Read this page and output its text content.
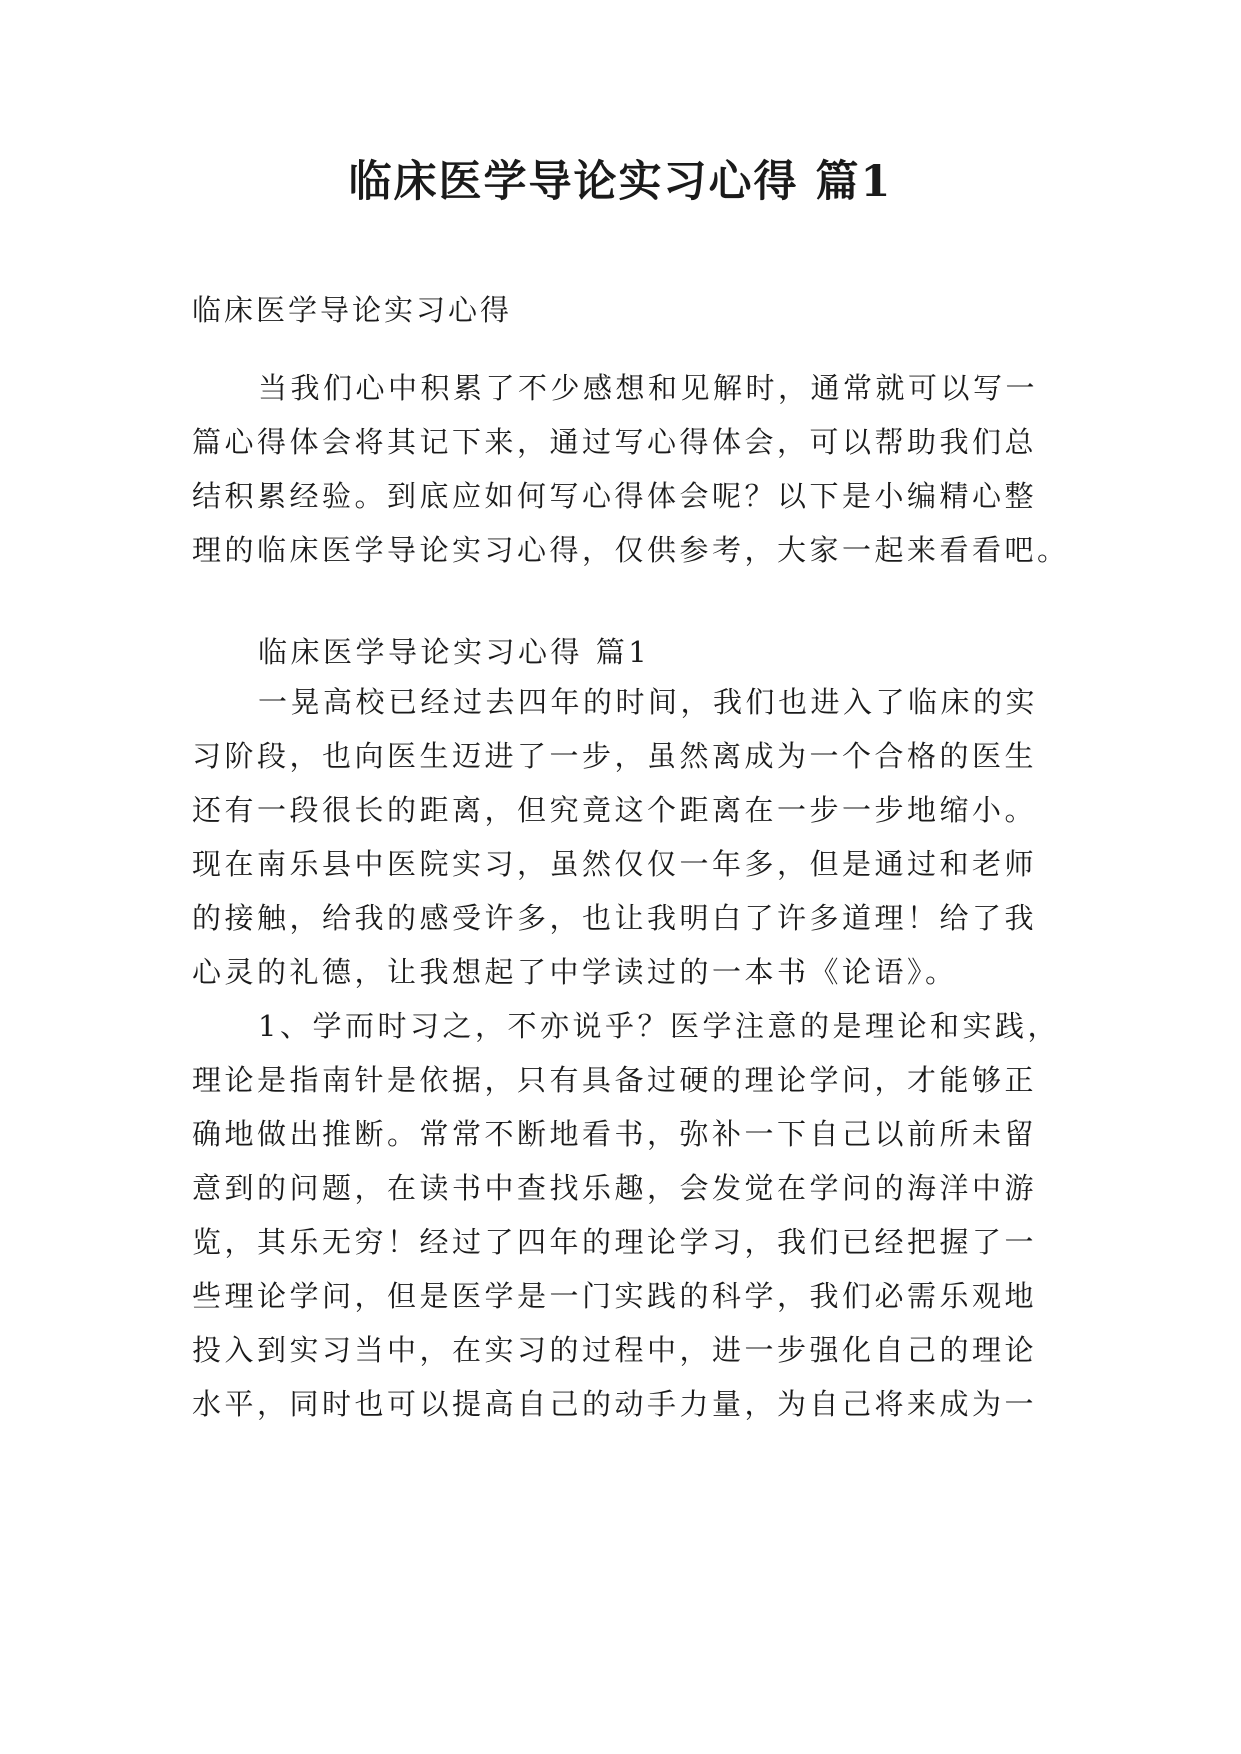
临床医学导论实习心得 篇1

临床医学导论实习心得

当我们心中积累了不少感想和见解时，通常就可以写一

篇心得体会将其记下来，通过写心得体会，可以帮助我们总

结积累经验。到底应如何写心得体会呢？以下是小编精心整

理的临床医学导论实习心得，仅供参考，大家一起来看看吧。

临床医学导论实习心得 篇1

一晃高校已经过去四年的时间，我们也进入了临床的实

习阶段，也向医生迈进了一步，虽然离成为一个合格的医生

还有一段很长的距离，但究竟这个距离在一步一步地缩小。

现在南乐县中医院实习，虽然仅仅一年多，但是通过和老师

的接触，给我的感受许多，也让我明白了许多道理！给了我

心灵的礼德，让我想起了中学读过的一本书《论语》。

1、学而时习之，不亦说乎？医学注意的是理论和实践，

理论是指南针是依据，只有具备过硬的理论学问，才能够正

确地做出推断。常常不断地看书，弥补一下自己以前所未留

意到的问题，在读书中查找乐趣，会发觉在学问的海洋中游

览，其乐无穷！经过了四年的理论学习，我们已经把握了一

些理论学问，但是医学是一门实践的科学，我们必需乐观地

投入到实习当中，在实习的过程中，进一步强化自己的理论

水平，同时也可以提高自己的动手力量，为自己将来成为一
